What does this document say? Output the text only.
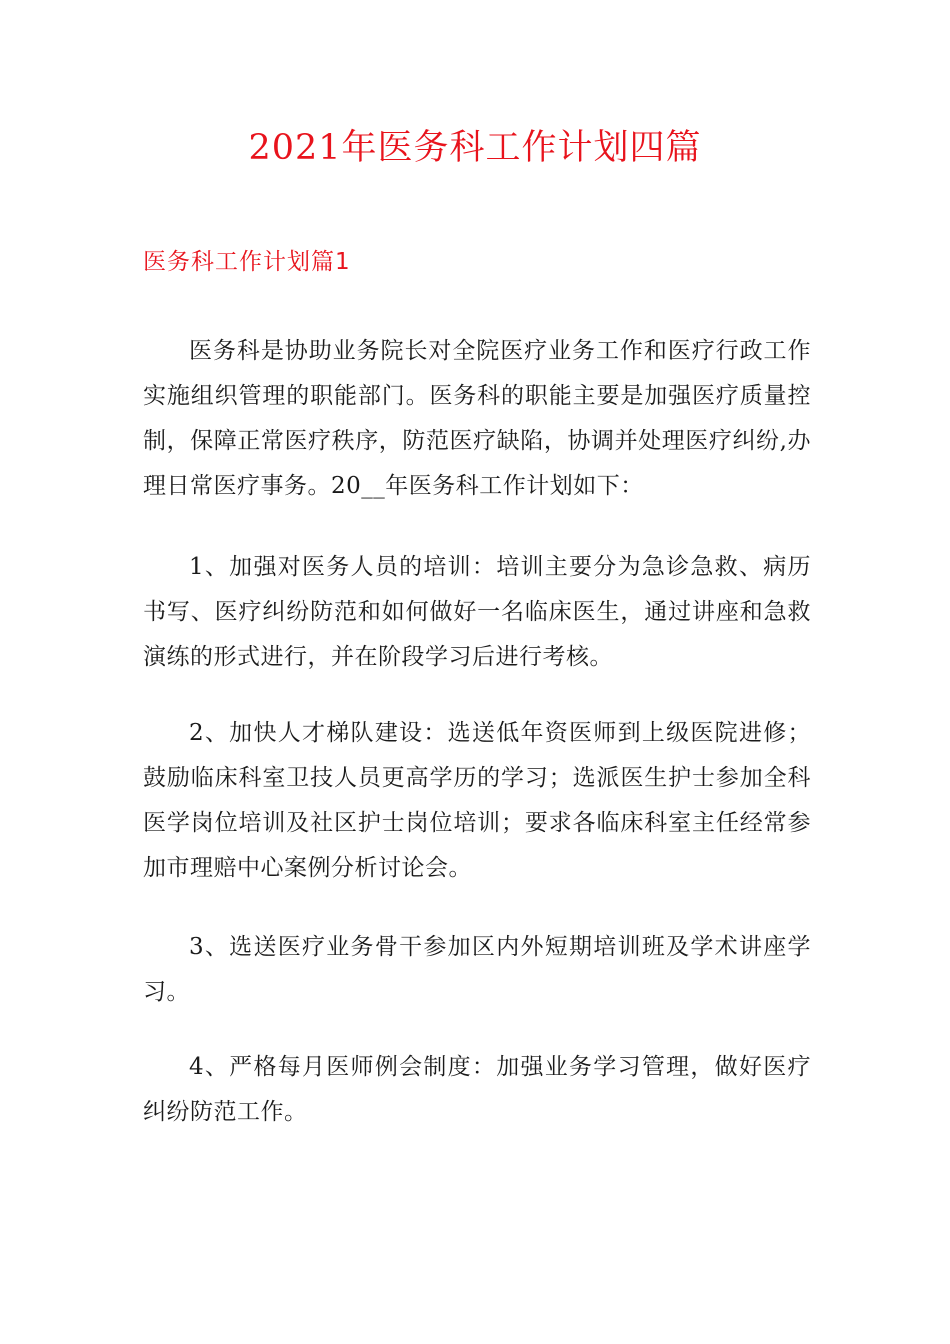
2021年医务科工作计划四篇
医务科工作计划篇1

医务科是协助业务院长对全院医疗业务工作和医疗行政工作实施组织管理的职能部门。医务科的职能主要是加强医疗质量控制，保障正常医疗秩序，防范医疗缺陷，协调并处理医疗纠纷,办理日常医疗事务。20__年医务科工作计划如下：

1、加强对医务人员的培训：培训主要分为急诊急救、病历书写、医疗纠纷防范和如何做好一名临床医生，通过讲座和急救演练的形式进行，并在阶段学习后进行考核。

2、加快人才梯队建设：选送低年资医师到上级医院进修；鼓励临床科室卫技人员更高学历的学习；选派医生护士参加全科医学岗位培训及社区护士岗位培训；要求各临床科室主任经常参加市理赔中心案例分析讨论会。

3、选送医疗业务骨干参加区内外短期培训班及学术讲座学习。

4、严格每月医师例会制度：加强业务学习管理，做好医疗纠纷防范工作。
